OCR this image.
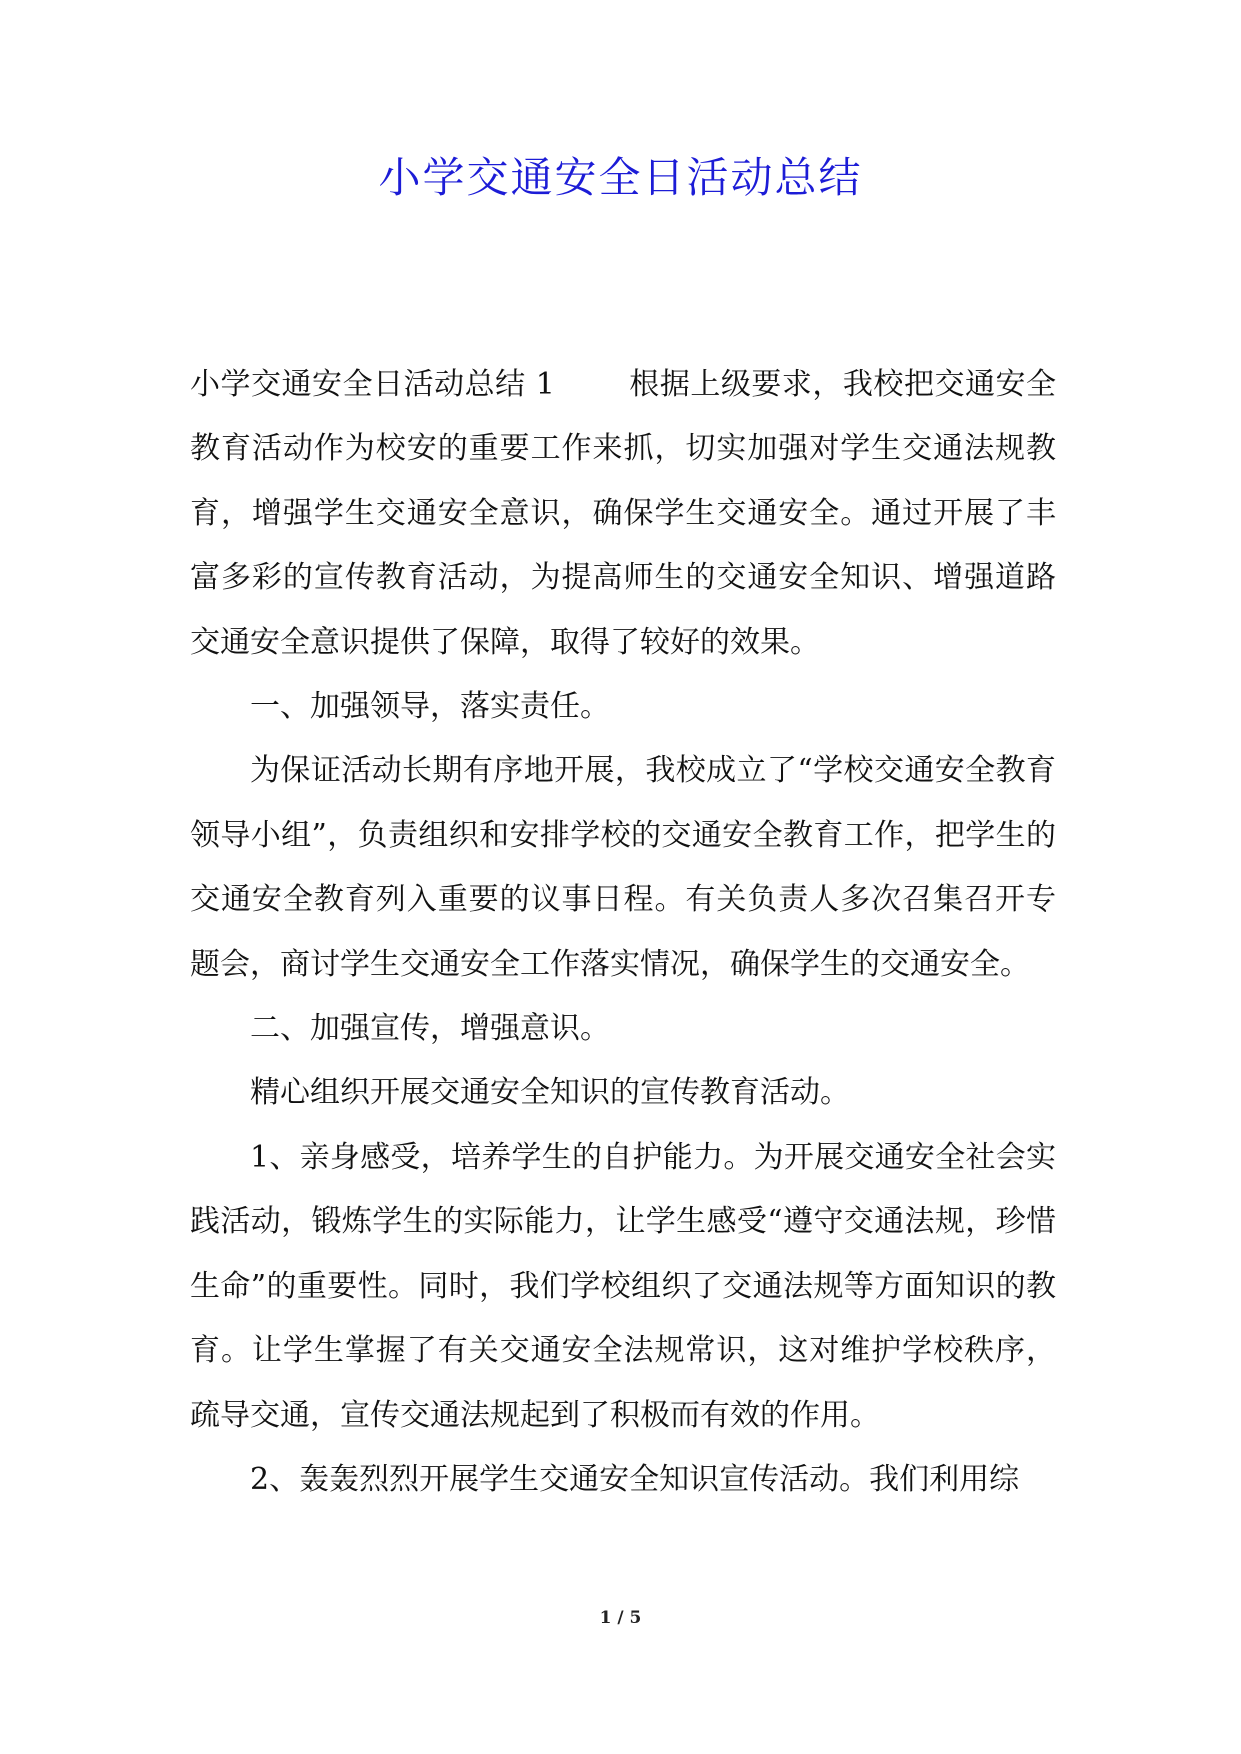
小学交通安全日活动总结

小学交通安全日活动总结 1 根据上级要求，我校把交通安全教育活动作为校安的重要工作来抓，切实加强对学生交通法规教育，增强学生交通安全意识，确保学生交通安全。通过开展了丰富多彩的宣传教育活动，为提高师生的交通安全知识、增强道路交通安全意识提供了保障，取得了较好的效果。

一、加强领导，落实责任。

为保证活动长期有序地开展，我校成立了“学校交通安全教育领导小组”，负责组织和安排学校的交通安全教育工作，把学生的交通安全教育列入重要的议事日程。有关负责人多次召集召开专题会，商讨学生交通安全工作落实情况，确保学生的交通安全。

二、加强宣传，增强意识。

精心组织开展交通安全知识的宣传教育活动。

1、亲身感受，培养学生的自护能力。为开展交通安全社会实践活动，锻炼学生的实际能力，让学生感受“遵守交通法规，珍惜生命”的重要性。同时，我们学校组织了交通法规等方面知识的教育。让学生掌握了有关交通安全法规常识，这对维护学校秩序，疏导交通，宣传交通法规起到了积极而有效的作用。

2、轰轰烈烈开展学生交通安全知识宣传活动。我们利用综

1 / 5
